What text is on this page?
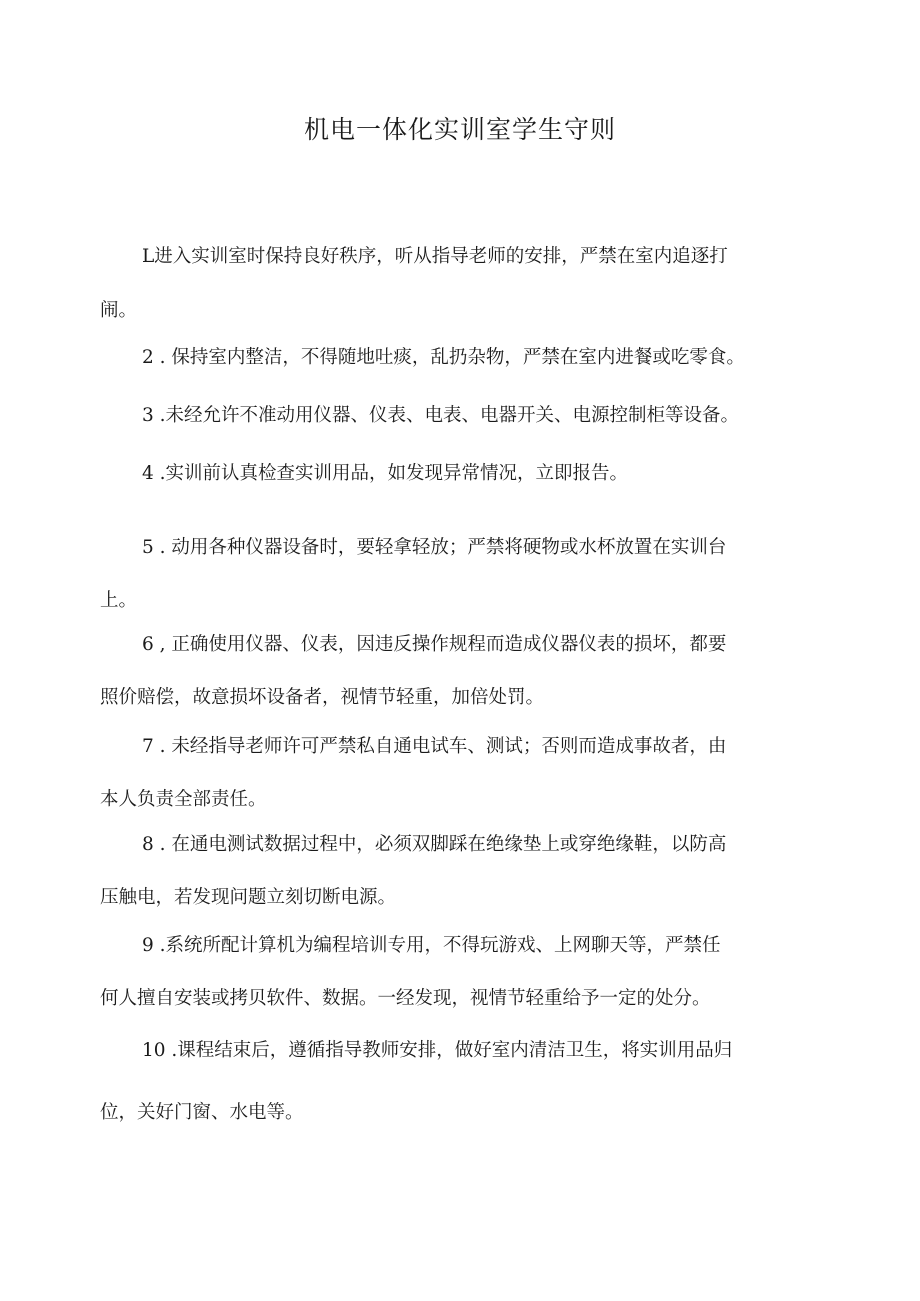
机电一体化实训室学生守则

L进入实训室时保持良好秩序，听从指导老师的安排，严禁在室内追逐打
闹。

2 . 保持室内整洁，不得随地吐痰，乱扔杂物，严禁在室内进餐或吃零食。

3 .未经允许不准动用仪器、仪表、电表、电器开关、电源控制柜等设备。

4 .实训前认真检查实训用品，如发现异常情况，立即报告。

5 . 动用各种仪器设备时，要轻拿轻放；严禁将硬物或水杯放置在实训台
上。

6 , 正确使用仪器、仪表，因违反操作规程而造成仪器仪表的损坏，都要
照价赔偿，故意损坏设备者，视情节轻重，加倍处罚。

7 . 未经指导老师许可严禁私自通电试车、测试；否则而造成事故者，由
本人负责全部责任。

8 . 在通电测试数据过程中，必须双脚踩在绝缘垫上或穿绝缘鞋，以防高
压触电，若发现问题立刻切断电源。

9 .系统所配计算机为编程培训专用，不得玩游戏、上网聊天等，严禁任
何人擅自安装或拷贝软件、数据。一经发现，视情节轻重给予一定的处分。

10 .课程结束后，遵循指导教师安排，做好室内清洁卫生，将实训用品归
位，关好门窗、水电等。
